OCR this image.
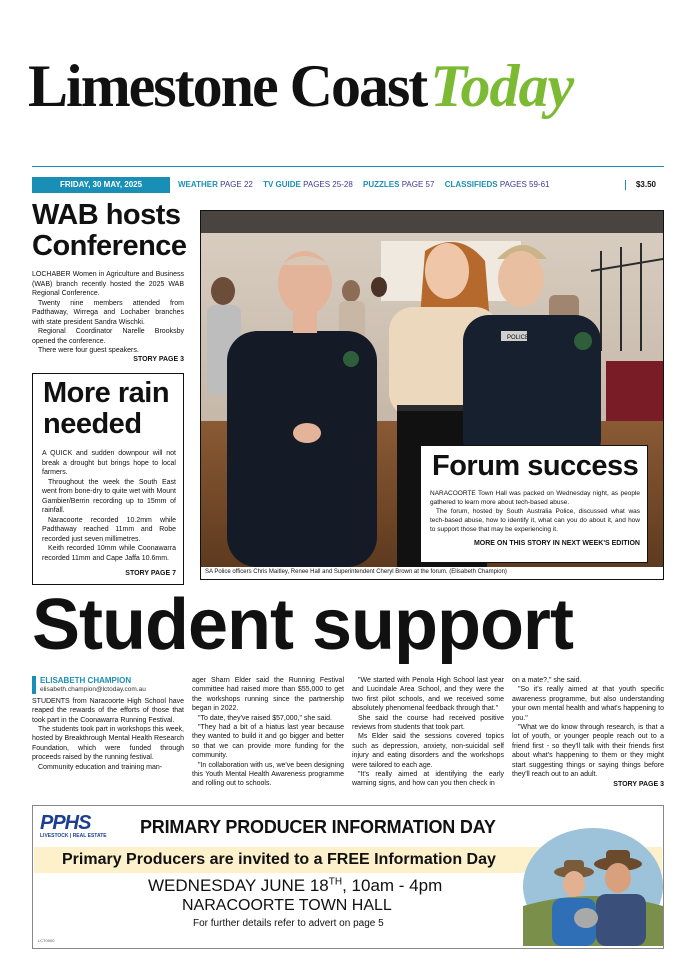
Limestone CoastToday
FRIDAY, 30 MAY, 2025	WEATHER PAGE 22 TV GUIDE PAGES 25-28 PUZZLES PAGE 57 CLASSIFIEDS PAGES 59-61	$3.50
WAB hosts Conference

LOCHABER Women in Agriculture and Business (WAB) branch recently hosted the 2025 WAB Regional Conference.

Twenty nine members attended from Padthaway, Wirrega and Lochaber branches with state president Sandra Wischki.

Regional Coordinator Narelle Brooksby opened the conference.

There were four guest speakers.

STORY PAGE 3
More rain needed

A QUICK and sudden downpour will not break a drought but brings hope to local farmers.

Throughout the week the South East went from bone-dry to quite wet with Mount Gambier/Berrin recording up to 15mm of rainfall.

Naracoorte recorded 10.2mm while Padthaway reached 11mm and Robe recorded just seven millimetres.

Keith recorded 10mm while Coonawarra recorded 11mm and Cape Jaffa 10.6mm.

STORY PAGE 7
POLICE
SA Police officers Chris Maitley, Renee Hall and Superintendent Cheryl Brown at the forum. (Elisabeth Champion)
Forum success

NARACOORTE Town Hall was packed on Wednesday night, as people gathered to learn more about tech-based abuse.

The forum, hosted by South Australia Police, discussed what was tech-based abuse, how to identify it, what can you do about it, and how to support those that may be experiencing it.

MORE ON THIS STORY IN NEXT WEEK'S EDITION
Student support
ELISABETH CHAMPION
elisabeth.champion@lctoday.com.au

STUDENTS from Naracoorte High School have reaped the rewards of the efforts of those that took part in the Coonawarra Running Festival.

The students took part in workshops this week, hosted by Breakthrough Mental Health Research Foundation, which were funded through proceeds raised by the running festival.

Community education and training man-

ager Sharn Elder said the Running Festival committee had raised more than $55,000 to get the workshops running since the partnership began in 2022.

"To date, they've raised $57,000," she said.

"They had a bit of a hiatus last year because they wanted to build it and go bigger and better so that we can provide more funding for the community.

"In collaboration with us, we've been designing this Youth Mental Health Awareness programme and rolling out to schools.

"We started with Penola High School last year and Lucindale Area School, and they were the two first pilot schools, and we received some absolutely phenomenal feedback through that."

She said the course had received positive reviews from students that took part.

Ms Elder said the sessions covered topics such as depression, anxiety, non-suicidal self injury and eating disorders and the workshops were tailored to each age.

"It's really aimed at identifying the early warning signs, and how can you then check in

on a mate?," she said.

"So it's really aimed at that youth specific awareness programme, but also understanding your own mental health and what's happening to you."

"What we do know through research, is that a lot of youth, or younger people reach out to a friend first - so they'll talk with their friends first about what's happening to them or they might start suggesting things or saying things before they'll reach out to an adult.

STORY PAGE 3
PPHS
LIVESTOCK | REAL ESTATE	PRIMARY PRODUCER INFORMATION DAY
Primary Producers are invited to a FREE Information Day
WEDNESDAY JUNE 18TH, 10am - 4pm
NARACOORTE TOWN HALL
For further details refer to advert on page 5
LCT0000
